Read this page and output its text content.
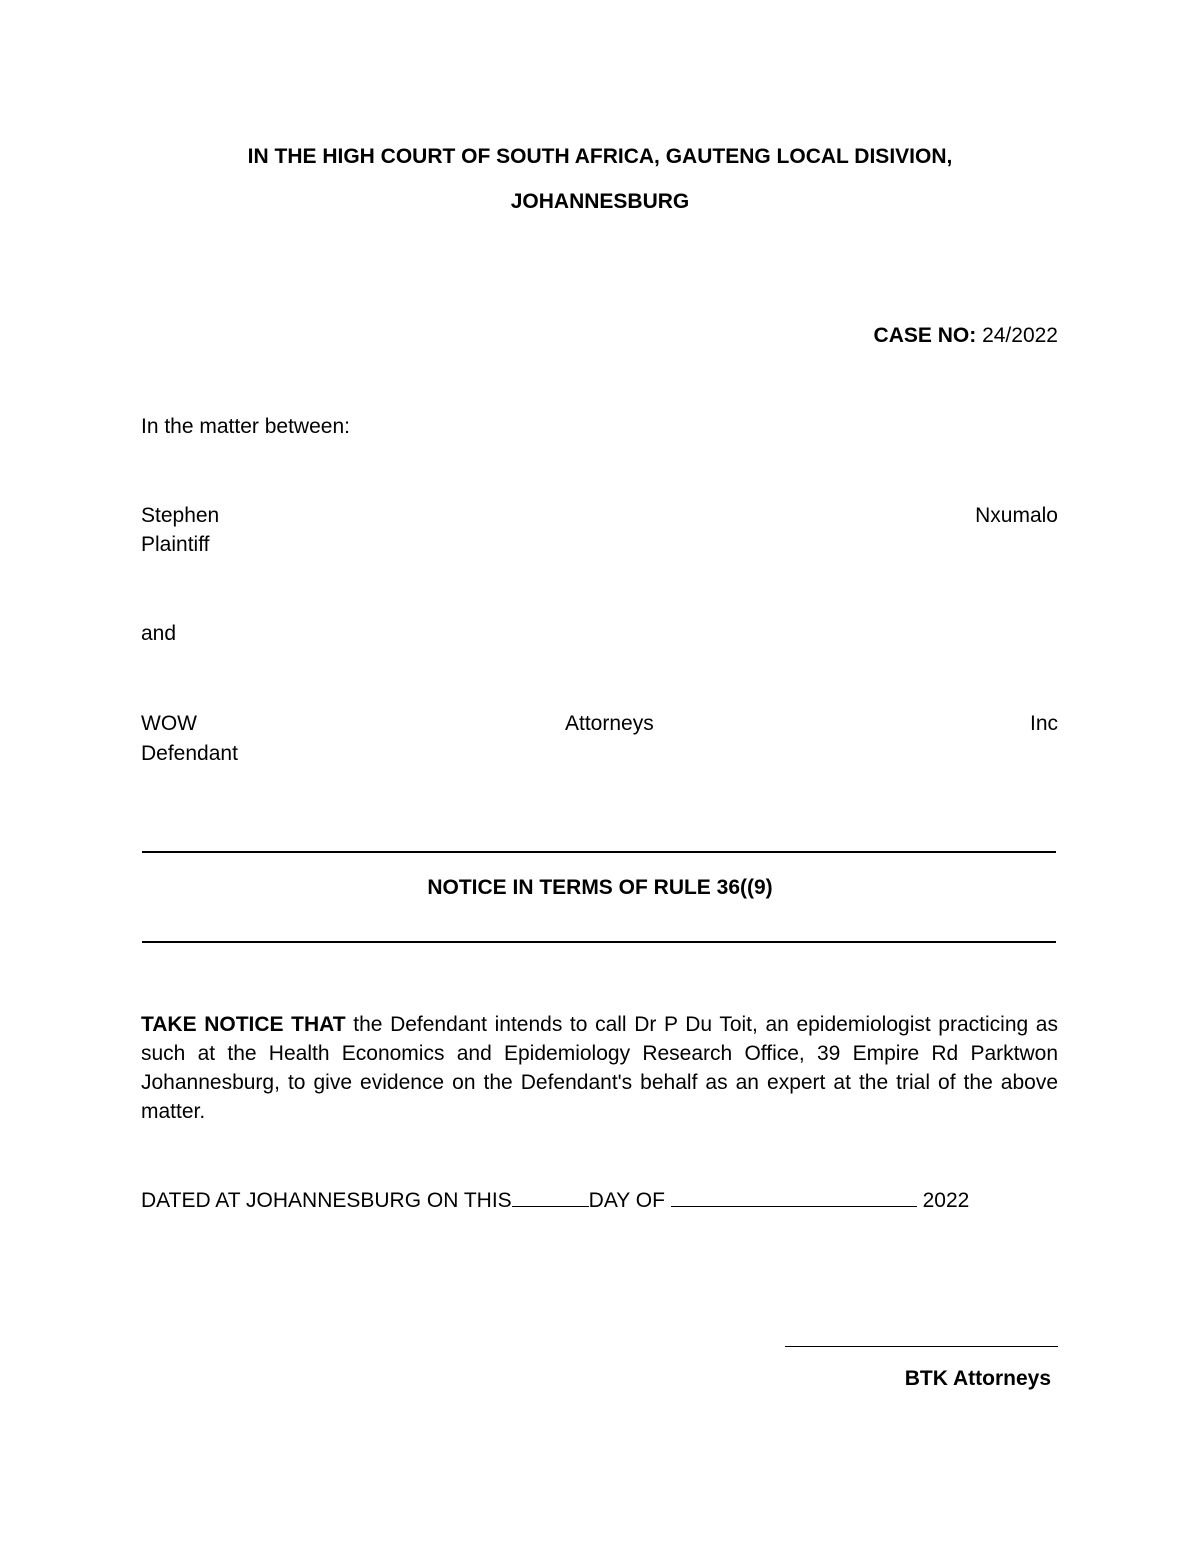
IN THE HIGH COURT OF SOUTH AFRICA, GAUTENG LOCAL DISIVION,
JOHANNESBURG
CASE NO: 24/2022
In the matter between:
Stephen	Nxumalo
Plaintiff
and
WOW	Attorneys	Inc
Defendant
NOTICE IN TERMS OF RULE 36((9)
TAKE NOTICE THAT the Defendant intends to call Dr P Du Toit, an epidemiologist practicing as such at the Health Economics and Epidemiology Research Office, 39 Empire Rd Parktwon Johannesburg, to give evidence on the Defendant's behalf as an expert at the trial of the above matter.
DATED AT JOHANNESBURG ON THIS	DAY OF	2022
BTK Attorneys
